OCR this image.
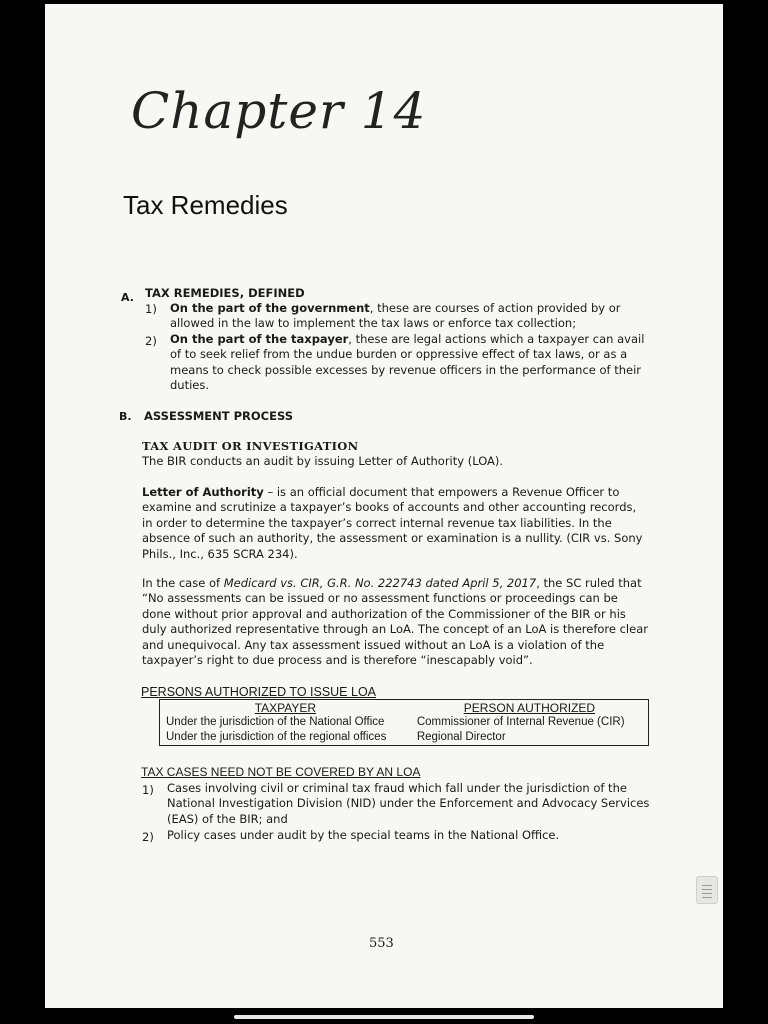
Chapter 14
Tax Remedies
A. TAX REMEDIES, DEFINED
1) On the part of the government, these are courses of action provided by or allowed in the law to implement the tax laws or enforce tax collection;
2) On the part of the taxpayer, these are legal actions which a taxpayer can avail of to seek relief from the undue burden or oppressive effect of tax laws, or as a means to check possible excesses by revenue officers in the performance of their duties.
B. ASSESSMENT PROCESS
TAX AUDIT OR INVESTIGATION
The BIR conducts an audit by issuing Letter of Authority (LOA).
Letter of Authority – is an official document that empowers a Revenue Officer to examine and scrutinize a taxpayer’s books of accounts and other accounting records, in order to determine the taxpayer’s correct internal revenue tax liabilities. In the absence of such an authority, the assessment or examination is a nullity. (CIR vs. Sony Phils., Inc., 635 SCRA 234).
In the case of Medicard vs. CIR, G.R. No. 222743 dated April 5, 2017, the SC ruled that “No assessments can be issued or no assessment functions or proceedings can be done without prior approval and authorization of the Commissioner of the BIR or his duly authorized representative through an LoA. The concept of an LoA is therefore clear and unequivocal. Any tax assessment issued without an LoA is a violation of the taxpayer’s right to due process and is therefore “inescapably void”.
PERSONS AUTHORIZED TO ISSUE LOA
TAXPAYER	PERSON AUTHORIZED
Under the jurisdiction of the National Office	Commissioner of Internal Revenue (CIR)
Under the jurisdiction of the regional offices	Regional Director
TAX CASES NEED NOT BE COVERED BY AN LOA
1) Cases involving civil or criminal tax fraud which fall under the jurisdiction of the National Investigation Division (NID) under the Enforcement and Advocacy Services (EAS) of the BIR; and
2) Policy cases under audit by the special teams in the National Office.
553
